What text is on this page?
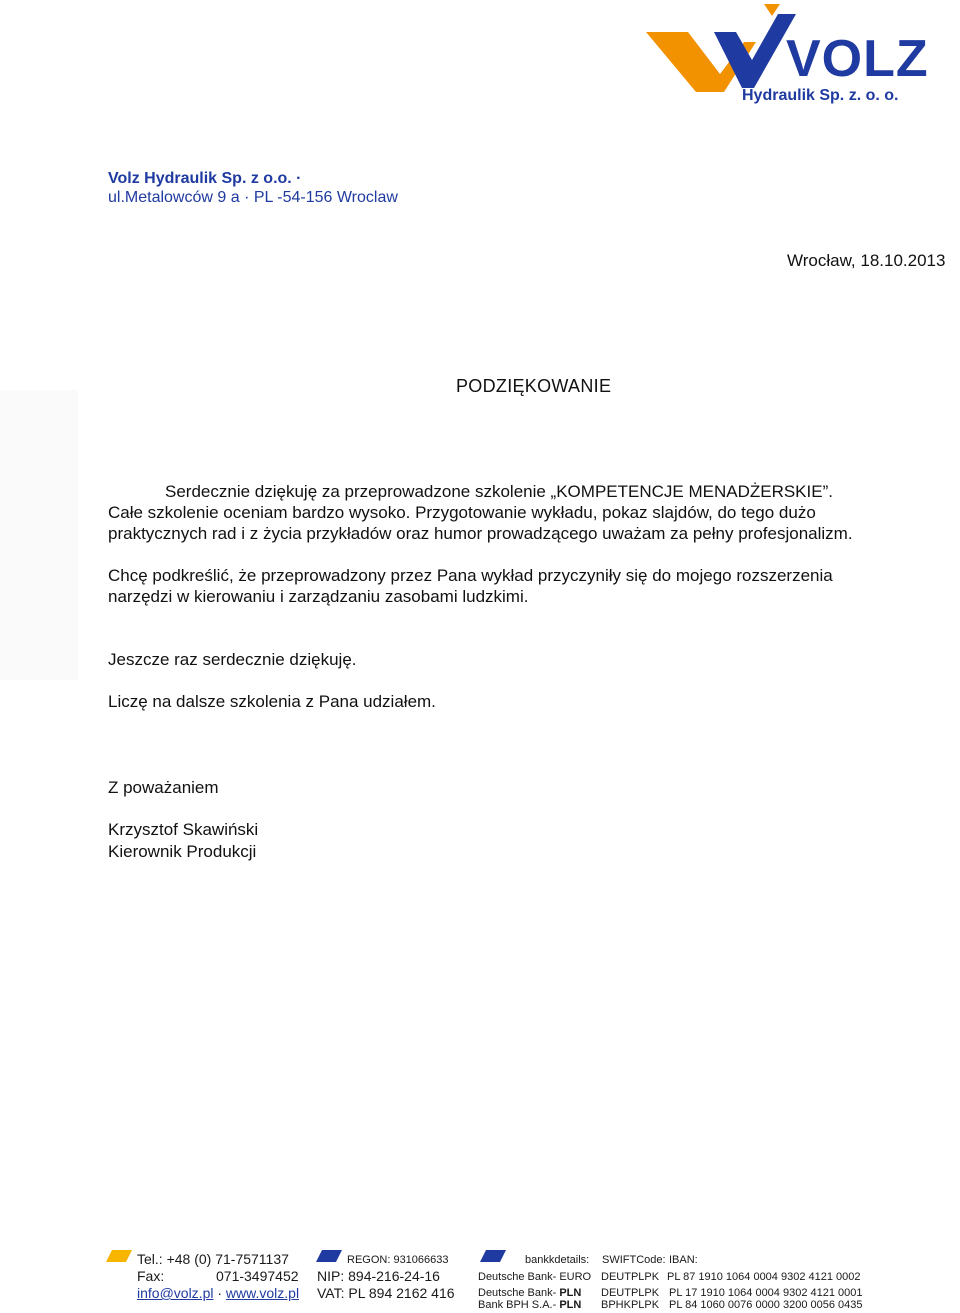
VOLZ
Hydraulik Sp. z. o. o.
Volz Hydraulik Sp. z o.o. ·
ul.Metalowców 9 a · PL -54-156 Wroclaw
Wrocław, 18.10.2013
PODZIĘKOWANIE
Serdecznie dziękuję za przeprowadzone szkolenie „KOMPETENCJE MENADŻERSKIE”.
Całe szkolenie oceniam bardzo wysoko. Przygotowanie wykładu, pokaz slajdów, do tego dużo
praktycznych rad i z życia przykładów oraz humor prowadzącego uważam za pełny profesjonalizm.
Chcę podkreślić, że przeprowadzony przez Pana wykład przyczyniły się do mojego rozszerzenia
narzędzi w kierowaniu i zarządzaniu zasobami ludzkimi.
Jeszcze raz serdecznie dziękuję.
Liczę na dalsze szkolenia z Pana udziałem.
Z poważaniem
Krzysztof Skawiński
Kierownik Produkcji
Tel.: +48 (0) 71-7571137
Fax:	071-3497452
info@volz.pl · www.volz.pl
REGON: 931066633
NIP: 894-216-24-16
VAT: PL 894 2162 416
bankkdetails:
Deutsche Bank- EURO
Deutsche Bank- PLN
Bank BPH S.A.- PLN
SWIFTCode:
DEUTPLPK
DEUTPLPK
BPHKPLPK
IBAN:
PL 87 1910 1064 0004 9302 4121 0002
PL 17 1910 1064 0004 9302 4121 0001
PL 84 1060 0076 0000 3200 0056 0435
